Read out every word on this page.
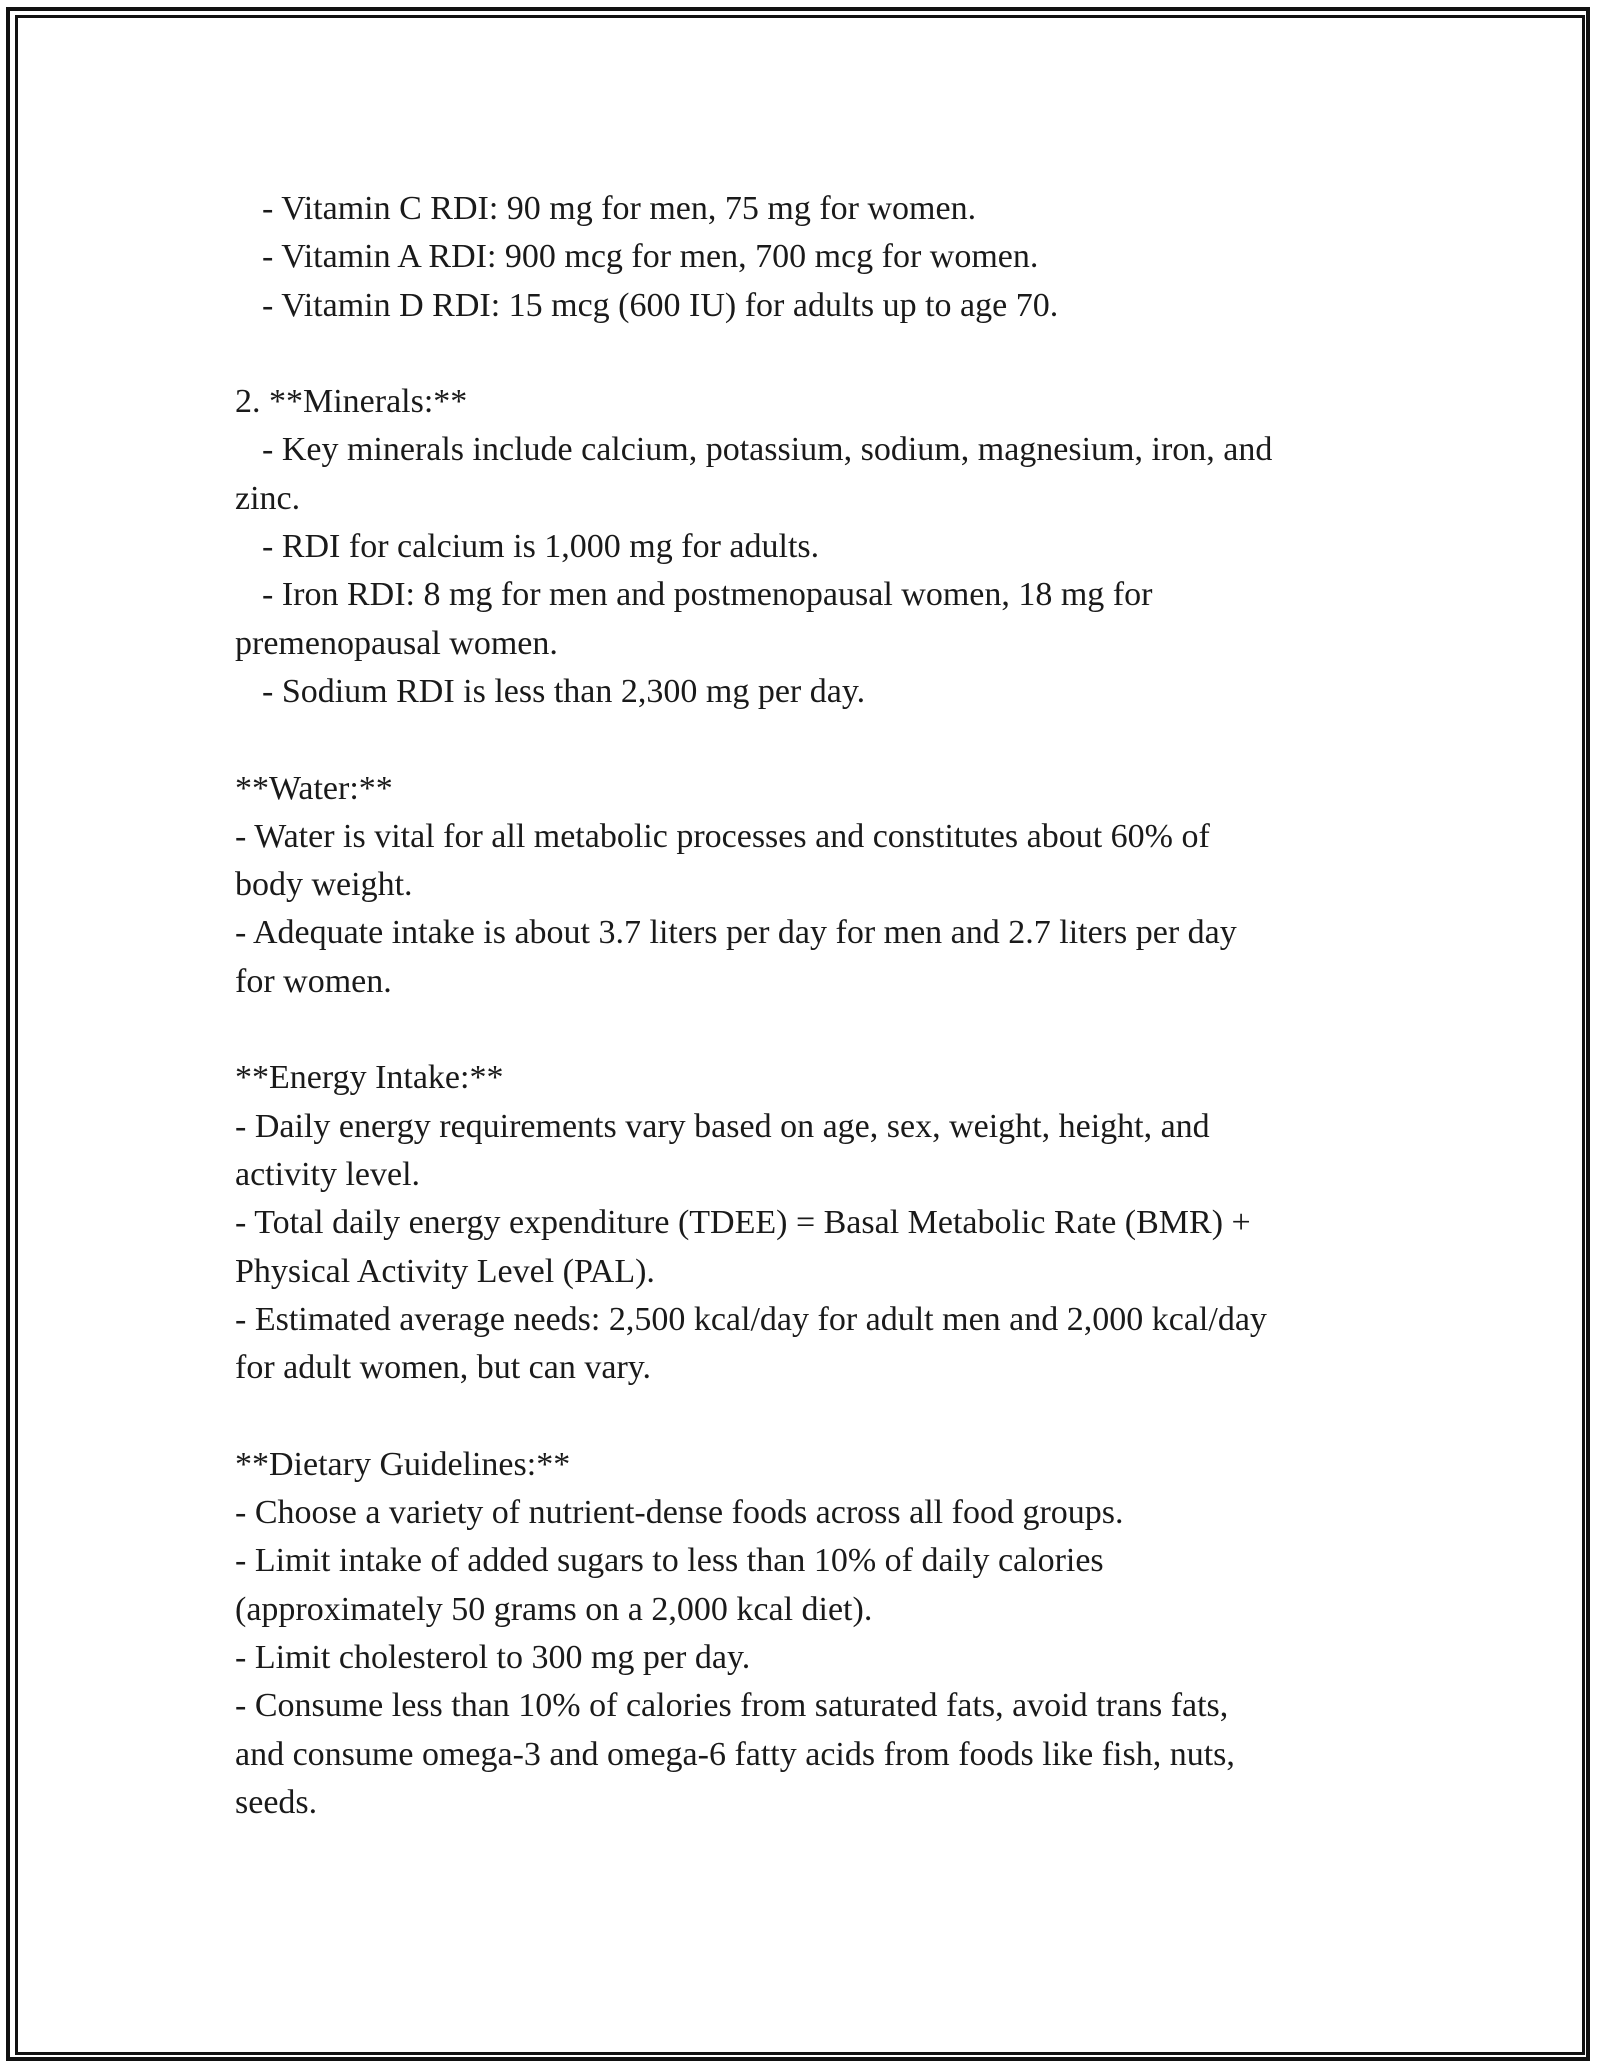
- Vitamin C RDI: 90 mg for men, 75 mg for women.
- Vitamin A RDI: 900 mcg for men, 700 mcg for women.
- Vitamin D RDI: 15 mcg (600 IU) for adults up to age 70.
2. **Minerals:**
- Key minerals include calcium, potassium, sodium, magnesium, iron, and
zinc.
- RDI for calcium is 1,000 mg for adults.
- Iron RDI: 8 mg for men and postmenopausal women, 18 mg for
premenopausal women.
- Sodium RDI is less than 2,300 mg per day.
**Water:**
- Water is vital for all metabolic processes and constitutes about 60% of
body weight.
- Adequate intake is about 3.7 liters per day for men and 2.7 liters per day
for women.
**Energy Intake:**
- Daily energy requirements vary based on age, sex, weight, height, and
activity level.
- Total daily energy expenditure (TDEE) = Basal Metabolic Rate (BMR) +
Physical Activity Level (PAL).
- Estimated average needs: 2,500 kcal/day for adult men and 2,000 kcal/day
for adult women, but can vary.
**Dietary Guidelines:**
- Choose a variety of nutrient-dense foods across all food groups.
- Limit intake of added sugars to less than 10% of daily calories
(approximately 50 grams on a 2,000 kcal diet).
- Limit cholesterol to 300 mg per day.
- Consume less than 10% of calories from saturated fats, avoid trans fats,
and consume omega-3 and omega-6 fatty acids from foods like fish, nuts,
seeds.
